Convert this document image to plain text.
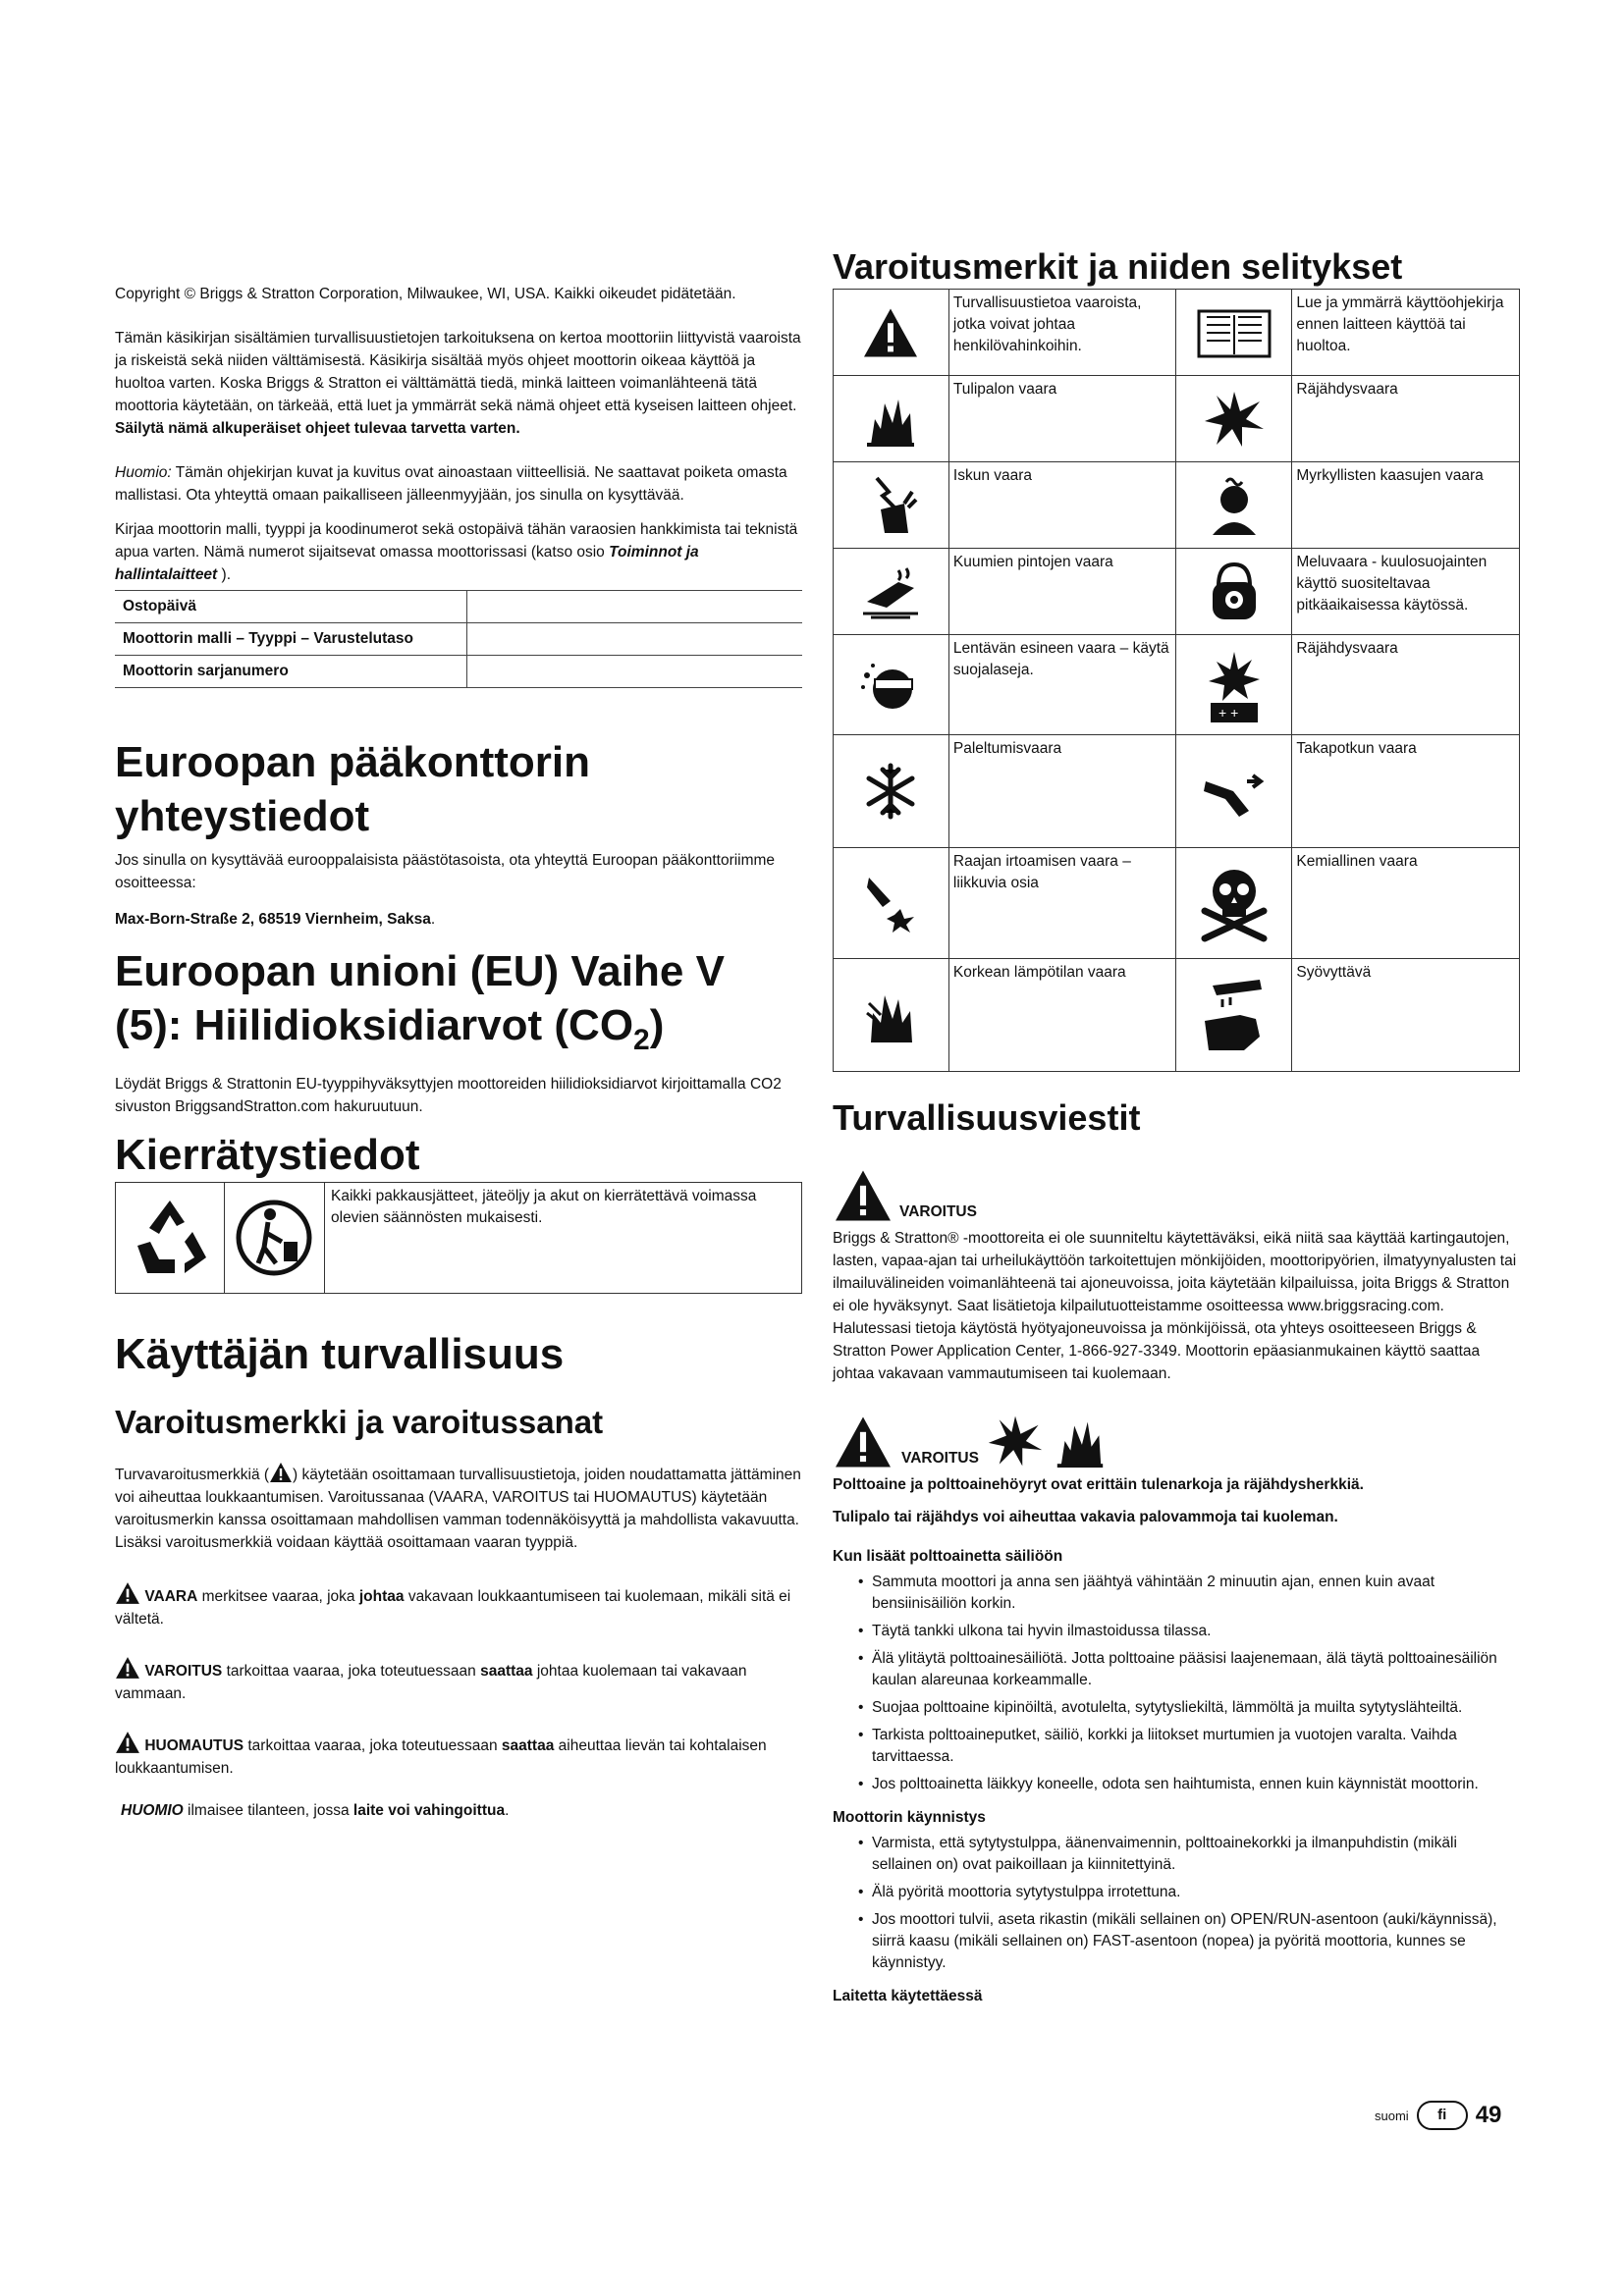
Copyright © Briggs & Stratton Corporation, Milwaukee, WI, USA. Kaikki oikeudet pidätetään.

Tämän käsikirjan sisältämien turvallisuustietojen tarkoituksena on kertoa moottoriin liittyvistä vaaroista ja riskeistä sekä niiden välttämisestä. Käsikirja sisältää myös ohjeet moottorin oikeaa käyttöä ja huoltoa varten. Koska Briggs & Stratton ei välttämättä tiedä, minkä laitteen voimanlähteenä tätä moottoria käytetään, on tärkeää, että luet ja ymmärrät sekä nämä ohjeet että kyseisen laitteen ohjeet. Säilytä nämä alkuperäiset ohjeet tulevaa tarvetta varten.

Huomio: Tämän ohjekirjan kuvat ja kuvitus ovat ainoastaan viitteellisiä. Ne saattavat poiketa omasta mallistasi. Ota yhteyttä omaan paikalliseen jälleenmyyjään, jos sinulla on kysyttävää.

Kirjaa moottorin malli, tyyppi ja koodinumerot sekä ostopäivä tähän varaosien hankkimista tai teknistä apua varten. Nämä numerot sijaitsevat omassa moottorissasi (katso osio Toiminnot ja hallintalaitteet ).

Ostopäivä	
Moottorin malli – Tyyppi – Varustelutaso	
Moottorin sarjanumero	
Euroopan pääkonttorin yhteystiedot

Jos sinulla on kysyttävää eurooppalaisista päästötasoista, ota yhteyttä Euroopan pääkonttoriimme osoitteessa:

Max-Born-Straße 2, 68519 Viernheim, Saksa.

Euroopan unioni (EU) Vaihe V (5): Hiilidioksidiarvot $(CO_2)$

Löydät Briggs & Strattonin EU-tyyppihyväksyttyjen moottoreiden hiilidioksidiarvot kirjoittamalla CO2 sivuston BriggsandStratton.com hakuruutuun.

Kierrätystiedot

	Kaikki pakkausjätteet, jäteöljy ja akut on kierrätettävä voimassa olevien säännösten mukaisesti.
Käyttäjän turvallisuus
Varoitusmerkki ja varoitussanat

Turvavaroitusmerkkiä ( ) käytetään osoittamaan turvallisuustietoja, joiden noudattamatta jättäminen voi aiheuttaa loukkaantumisen. Varoitussanaa (VAARA, VAROITUS tai HUOMAUTUS) käytetään varoitusmerkin kanssa osoittamaan mahdollisen vamman todennäköisyyttä ja mahdollista vakavuutta. Lisäksi varoitusmerkkiä voidaan käyttää osoittamaan vaaran tyyppiä.

VAARA merkitsee vaaraa, joka johtaa vakavaan loukkaantumiseen tai kuolemaan, mikäli sitä ei vältetä.

VAROITUS tarkoittaa vaaraa, joka toteutuessaan saattaa johtaa kuolemaan tai vakavaan vammaan.

HUOMAUTUS tarkoittaa vaaraa, joka toteutuessaan saattaa aiheuttaa lievän tai kohtalaisen loukkaantumisen.

HUOMIO ilmaisee tilanteen, jossa laite voi vahingoittua.

Varoitusmerkit ja niiden selitykset
	Turvallisuustietoa vaaroista, jotka voivat johtaa henkilövahinkoihin.		Lue ja ymmärrä käyttöohjekirja ennen laitteen käyttöä tai huoltoa.

	Tulipalon vaara		Räjähdysvaara

	Iskun vaara		Myrkyllisten kaasujen vaara

	Kuumien pintojen vaara		Meluvaara - kuulosuojainten käyttö suositeltavaa pitkäaikaisessa käytössä.

	Lentävän esineen vaara – käytä suojalaseja.	+ +	Räjähdysvaara

	Paleltumisvaara		Takapotkun vaara

	Raajan irtoamisen vaara – liikkuvia osia		Kemiallinen vaara

	Korkean lämpötilan vaara		Syövyttävä
Turvallisuusviestit
VAROITUS

Briggs & Stratton® -moottoreita ei ole suunniteltu käytettäväksi, eikä niitä saa käyttää kartingautojen, lasten, vapaa-ajan tai urheilukäyttöön tarkoitettujen mönkijöiden, moottoripyörien, ilmatyynyalusten tai ilmailuvälineiden voimanlähteenä tai ajoneuvoissa, joita käytetään kilpailuissa, joita Briggs & Stratton ei ole hyväksynyt. Saat lisätietoja kilpailutuotteistamme osoitteessa www.briggsracing.com. Halutessasi tietoja käytöstä hyötyajoneuvoissa ja mönkijöissä, ota yhteys osoitteeseen Briggs & Stratton Power Application Center, 1-866-927-3349. Moottorin epäasianmukainen käyttö saattaa johtaa vakavaan vammautumiseen tai kuolemaan.

VAROITUS

Polttoaine ja polttoainehöyryt ovat erittäin tulenarkoja ja räjähdysherkkiä.

Tulipalo tai räjähdys voi aiheuttaa vakavia palovammoja tai kuoleman.

Kun lisäät polttoainetta säiliöön
• Sammuta moottori ja anna sen jäähtyä vähintään 2 minuutin ajan, ennen kuin avaat bensiinisäiliön korkin.
• Täytä tankki ulkona tai hyvin ilmastoidussa tilassa.
• Älä ylitäytä polttoainesäiliötä. Jotta polttoaine pääsisi laajenemaan, älä täytä polttoainesäiliön kaulan alareunaa korkeammalle.
• Suojaa polttoaine kipinöiltä, avotulelta, sytytysliekiltä, lämmöltä ja muilta sytytyslähteiltä.
• Tarkista polttoaineputket, säiliö, korkki ja liitokset murtumien ja vuotojen varalta. Vaihda tarvittaessa.
• Jos polttoainetta läikkyy koneelle, odota sen haihtumista, ennen kuin käynnistät moottorin.
Moottorin käynnistys
• Varmista, että sytytystulppa, äänenvaimennin, polttoainekorkki ja ilmanpuhdistin (mikäli sellainen on) ovat paikoillaan ja kiinnitettyinä.
• Älä pyöritä moottoria sytytystulppa irrotettuna.
• Jos moottori tulvii, aseta rikastin (mikäli sellainen on) OPEN/RUN-asentoon (auki/käynnissä), siirrä kaasu (mikäli sellainen on) FAST-asentoon (nopea) ja pyöritä moottoria, kunnes se käynnistyy.
Laitetta käytettäessä
suomi	fi	49
